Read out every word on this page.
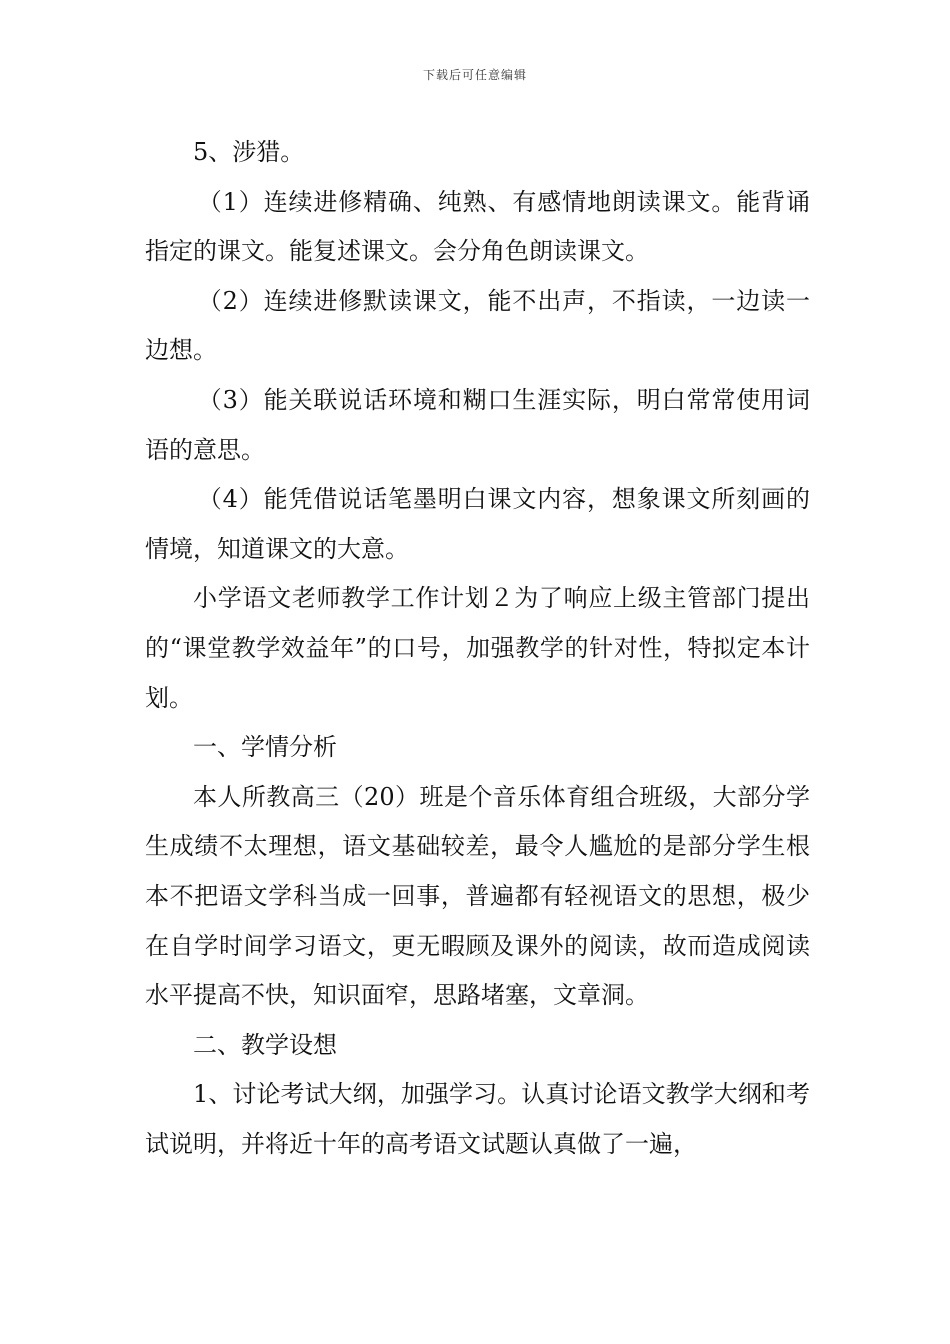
下载后可任意编辑

5、涉猎。

（1）连续进修精确、纯熟、有感情地朗读课文。能背诵指定的课文。能复述课文。会分角色朗读课文。

（2）连续进修默读课文，能不出声，不指读，一边读一边想。

（3）能关联说话环境和糊口生涯实际，明白常常使用词语的意思。

（4）能凭借说话笔墨明白课文内容，想象课文所刻画的情境，知道课文的大意。

小学语文老师教学工作计划２为了响应上级主管部门提出的“课堂教学效益年”的口号，加强教学的针对性，特拟定本计划。

一、学情分析

本人所教高三（20）班是个音乐体育组合班级，大部分学生成绩不太理想，语文基础较差，最令人尴尬的是部分学生根本不把语文学科当成一回事，普遍都有轻视语文的思想，极少在自学时间学习语文，更无暇顾及课外的阅读，故而造成阅读水平提高不快，知识面窄，思路堵塞，文章洞。

二、教学设想

1、讨论考试大纲，加强学习。认真讨论语文教学大纲和考试说明，并将近十年的高考语文试题认真做了一遍，
